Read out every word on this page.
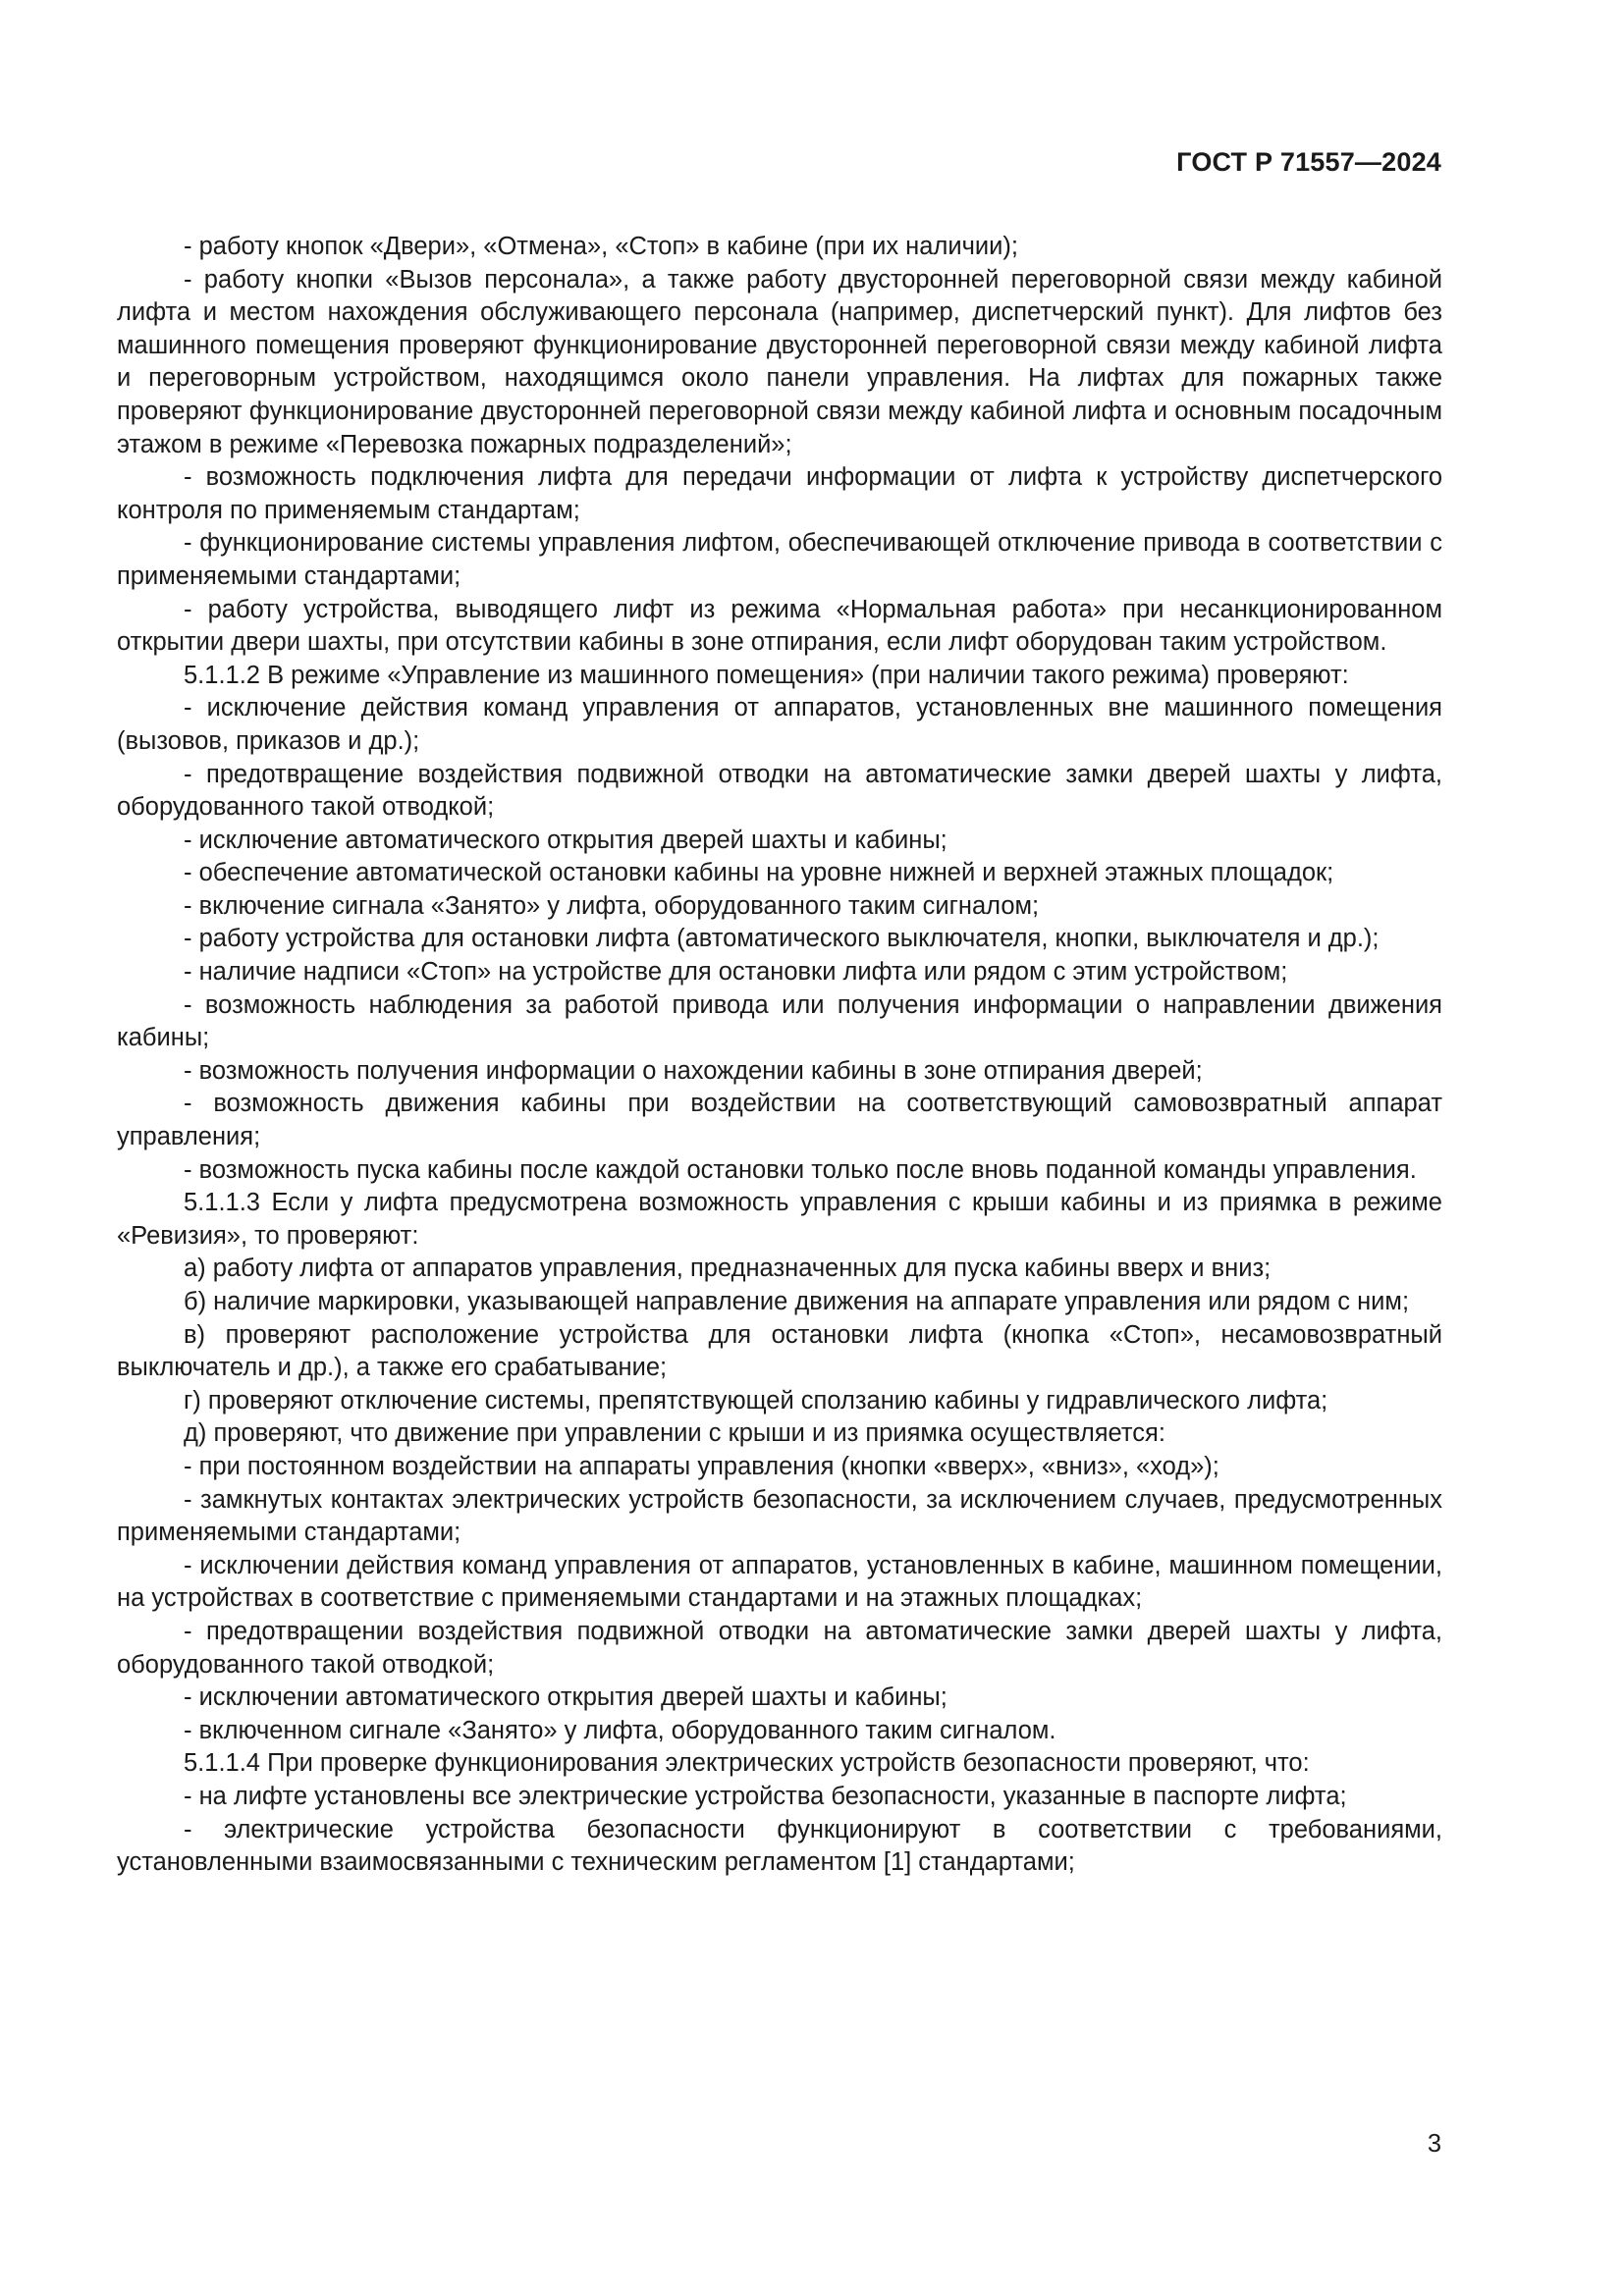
ГОСТ Р 71557—2024

- работу кнопок «Двери», «Отмена», «Стоп» в кабине (при их наличии);

- работу кнопки «Вызов персонала», а также работу двусторонней переговорной связи между кабиной лифта и местом нахождения обслуживающего персонала (например, диспетчерский пункт). Для лифтов без машинного помещения проверяют функционирование двусторонней переговорной связи между кабиной лифта и переговорным устройством, находящимся около панели управления. На лифтах для пожарных также проверяют функционирование двусторонней переговорной связи между кабиной лифта и основным посадочным этажом в режиме «Перевозка пожарных подразделений»;

- возможность подключения лифта для передачи информации от лифта к устройству диспетчерского контроля по применяемым стандартам;

- функционирование системы управления лифтом, обеспечивающей отключение привода в соответствии с применяемыми стандартами;

- работу устройства, выводящего лифт из режима «Нормальная работа» при несанкционированном открытии двери шахты, при отсутствии кабины в зоне отпирания, если лифт оборудован таким устройством.

5.1.1.2 В режиме «Управление из машинного помещения» (при наличии такого режима) проверяют:

- исключение действия команд управления от аппаратов, установленных вне машинного помещения (вызовов, приказов и др.);

- предотвращение воздействия подвижной отводки на автоматические замки дверей шахты у лифта, оборудованного такой отводкой;

- исключение автоматического открытия дверей шахты и кабины;

- обеспечение автоматической остановки кабины на уровне нижней и верхней этажных площадок;

- включение сигнала «Занято» у лифта, оборудованного таким сигналом;

- работу устройства для остановки лифта (автоматического выключателя, кнопки, выключателя и др.);

- наличие надписи «Стоп» на устройстве для остановки лифта или рядом с этим устройством;

- возможность наблюдения за работой привода или получения информации о направлении движения кабины;

- возможность получения информации о нахождении кабины в зоне отпирания дверей;

- возможность движения кабины при воздействии на соответствующий самовозвратный аппарат управления;

- возможность пуска кабины после каждой остановки только после вновь поданной команды управления.

5.1.1.3 Если у лифта предусмотрена возможность управления с крыши кабины и из приямка в режиме «Ревизия», то проверяют:

а) работу лифта от аппаратов управления, предназначенных для пуска кабины вверх и вниз;

б) наличие маркировки, указывающей направление движения на аппарате управления или рядом с ним;

в) проверяют расположение устройства для остановки лифта (кнопка «Стоп», несамовозвратный выключатель и др.), а также его срабатывание;

г) проверяют отключение системы, препятствующей сползанию кабины у гидравлического лифта;

д) проверяют, что движение при управлении с крыши и из приямка осуществляется:

- при постоянном воздействии на аппараты управления (кнопки «вверх», «вниз», «ход»);

- замкнутых контактах электрических устройств безопасности, за исключением случаев, предусмотренных применяемыми стандартами;

- исключении действия команд управления от аппаратов, установленных в кабине, машинном помещении, на устройствах в соответствие с применяемыми стандартами и на этажных площадках;

- предотвращении воздействия подвижной отводки на автоматические замки дверей шахты у лифта, оборудованного такой отводкой;

- исключении автоматического открытия дверей шахты и кабины;

- включенном сигнале «Занято» у лифта, оборудованного таким сигналом.

5.1.1.4 При проверке функционирования электрических устройств безопасности проверяют, что:

- на лифте установлены все электрические устройства безопасности, указанные в паспорте лифта;

- электрические устройства безопасности функционируют в соответствии с требованиями, установленными взаимосвязанными с техническим регламентом [1] стандартами;

3
